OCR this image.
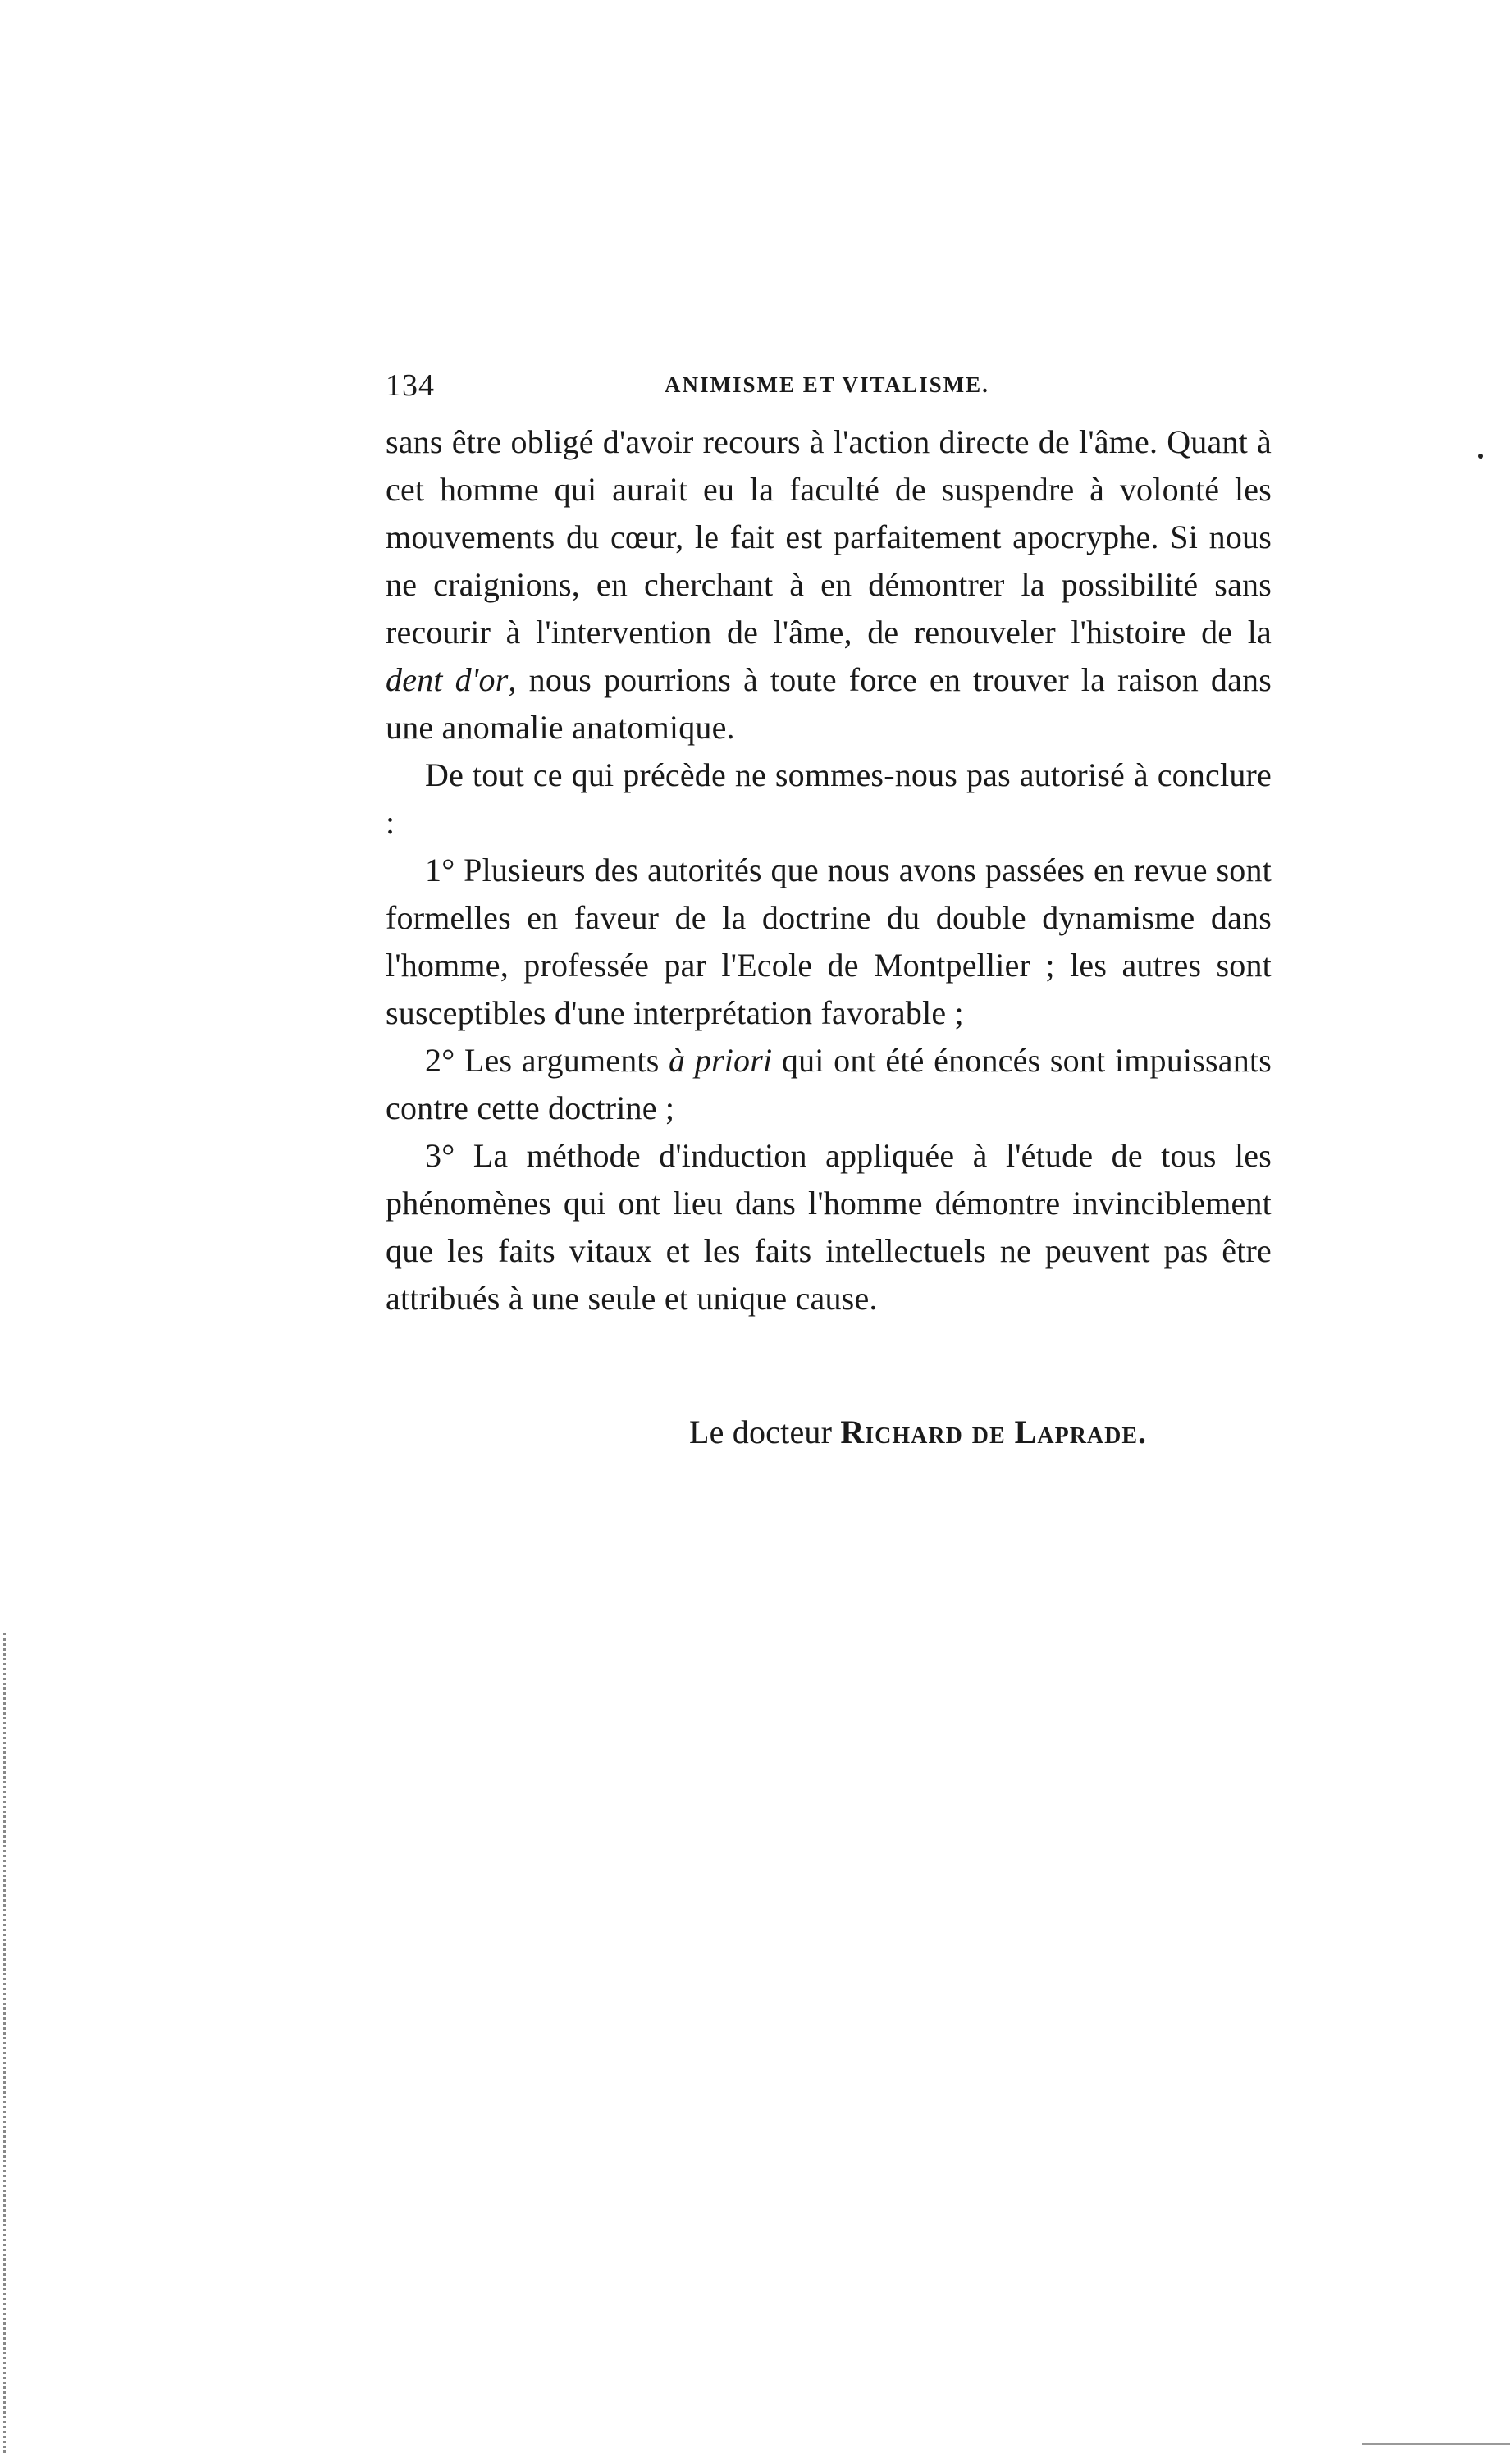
134	ANIMISME ET VITALISME.

sans être obligé d'avoir recours à l'action directe de l'âme. Quant à cet homme qui aurait eu la faculté de suspendre à volonté les mouvements du cœur, le fait est parfaitement apocryphe. Si nous ne craignions, en cherchant à en démontrer la possibilité sans recourir à l'intervention de l'âme, de renouveler l'histoire de la dent d'or, nous pourrions à toute force en trouver la raison dans une anomalie anatomique.

De tout ce qui précède ne sommes-nous pas autorisé à conclure :

1° Plusieurs des autorités que nous avons passées en revue sont formelles en faveur de la doctrine du double dynamisme dans l'homme, professée par l'Ecole de Montpellier ; les autres sont susceptibles d'une interprétation favorable ;

2° Les arguments à priori qui ont été énoncés sont impuissants contre cette doctrine ;

3° La méthode d'induction appliquée à l'étude de tous les phénomènes qui ont lieu dans l'homme démontre invinciblement que les faits vitaux et les faits intellectuels ne peuvent pas être attribués à une seule et unique cause.

Le docteur Richard de Laprade.
